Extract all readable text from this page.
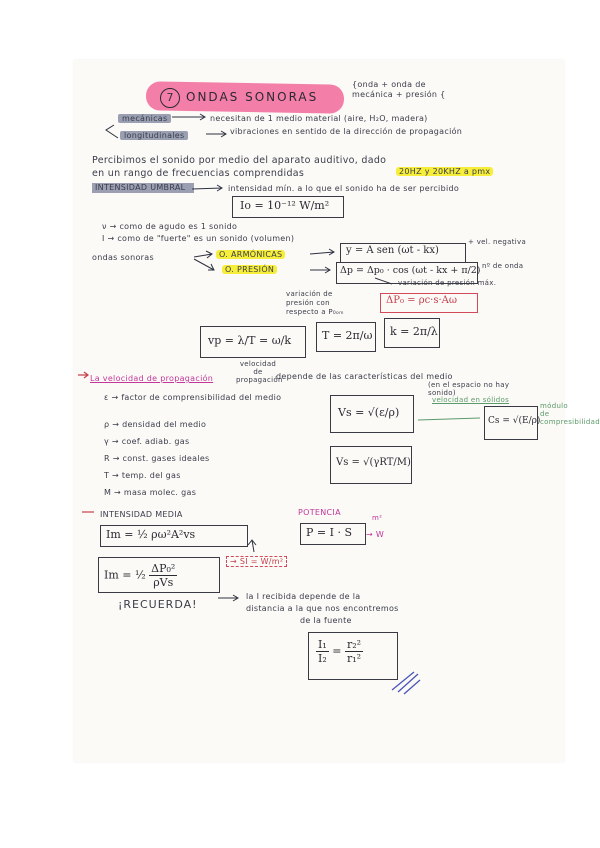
7	ONDAS SONORAS
{onda + onda de
mecánica + presión {
mecánicas	necesitan de 1 medio material (aire, H₂O, madera)
longitudinales	vibraciones en sentido de la dirección de propagación
Percibimos el sonido por medio del aparato auditivo, dado
en un rango de frecuencias comprendidas	20HZ y 20KHZ a pmx
INTENSIDAD UMBRAL	intensidad mín. a lo que el sonido ha de ser percibido
Io = 10⁻¹² W/m²
ν → como de agudo es 1 sonido
I → como de "fuerte" es un sonido (volumen)
ondas sonoras	O. ARMÓNICAS	y = A sen (ωt - kx)
+ vel. negativa
O. PRESIÓN	Δp = Δp₀ · cos (ωt - kx + π/2) nº de onda
variación de presión máx.
variación de presión con respecto a P₀ₒₘ
ΔP₀ = ρc·s·Aω
vp = λ/T = ω/k	T = 2π/ω k = 2π/λ
velocidad de propagación
La velocidad de propagación	depende de las características del medio
(en el espacio no hay sonido)
ε → factor de comprensibilidad del medio
ρ → densidad del medio
γ → coef. adiab. gas
R → const. gases ideales
T → temp. del gas
M → masa molec. gas
Vs = √(ε/ρ)
Vs = √(γRT/M)
velocidad en sólidos
Cs = √(E/ρ)
módulo de compresibilidad
INTENSIDAD MEDIA
Im = ½ ρω²A²vs
Im = ½ $\frac{\text{ΔP₀²}}{\text{ρVs}}$
→ SI = W/m²
POTENCIA
P = I · S → W
m²
¡RECUERDA!
la I recibida depende de la
distancia a la que nos encontremos
de la fuente
$\frac{\text{I₁}}{\text{I₂}} = \frac{\text{r₂²}}{\text{r₁²}}$
